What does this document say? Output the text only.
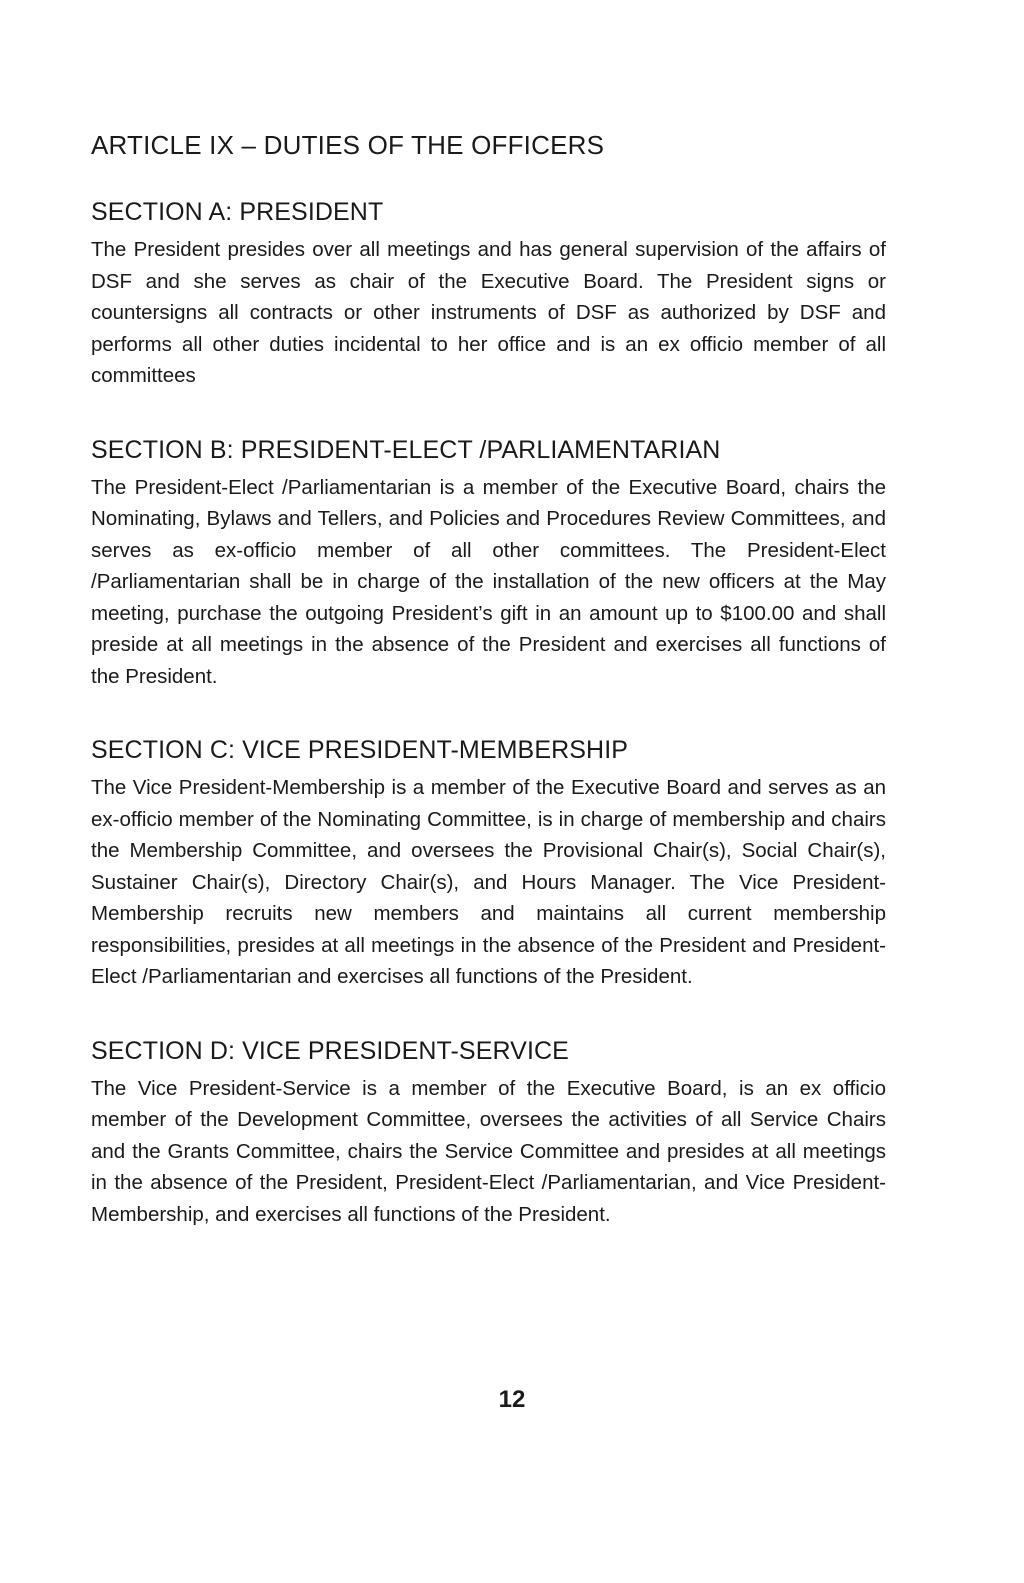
ARTICLE IX – DUTIES OF THE OFFICERS
SECTION A: PRESIDENT

The President presides over all meetings and has general supervision of the affairs of DSF and she serves as chair of the Executive Board. The President signs or countersigns all contracts or other instruments of DSF as authorized by DSF and performs all other duties incidental to her office and is an ex officio member of all committees

SECTION B: PRESIDENT-ELECT /PARLIAMENTARIAN

The President-Elect /Parliamentarian is a member of the Executive Board, chairs the Nominating, Bylaws and Tellers, and Policies and Procedures Review Committees, and serves as ex-officio member of all other committees. The President-Elect /Parliamentarian shall be in charge of the installation of the new officers at the May meeting, purchase the outgoing President’s gift in an amount up to $100.00 and shall preside at all meetings in the absence of the President and exercises all functions of the President.

SECTION C: VICE PRESIDENT-MEMBERSHIP

The Vice President-Membership is a member of the Executive Board and serves as an ex-officio member of the Nominating Committee, is in charge of membership and chairs the Membership Committee, and oversees the Provisional Chair(s), Social Chair(s), Sustainer Chair(s), Directory Chair(s), and Hours Manager. The Vice President-Membership recruits new members and maintains all current membership responsibilities, presides at all meetings in the absence of the President and President-Elect /Parliamentarian and exercises all functions of the President.

SECTION D: VICE PRESIDENT-SERVICE

The Vice President-Service is a member of the Executive Board, is an ex officio member of the Development Committee, oversees the activities of all Service Chairs and the Grants Committee, chairs the Service Committee and presides at all meetings in the absence of the President, President-Elect /Parliamentarian, and Vice President-Membership, and exercises all functions of the President.

12
